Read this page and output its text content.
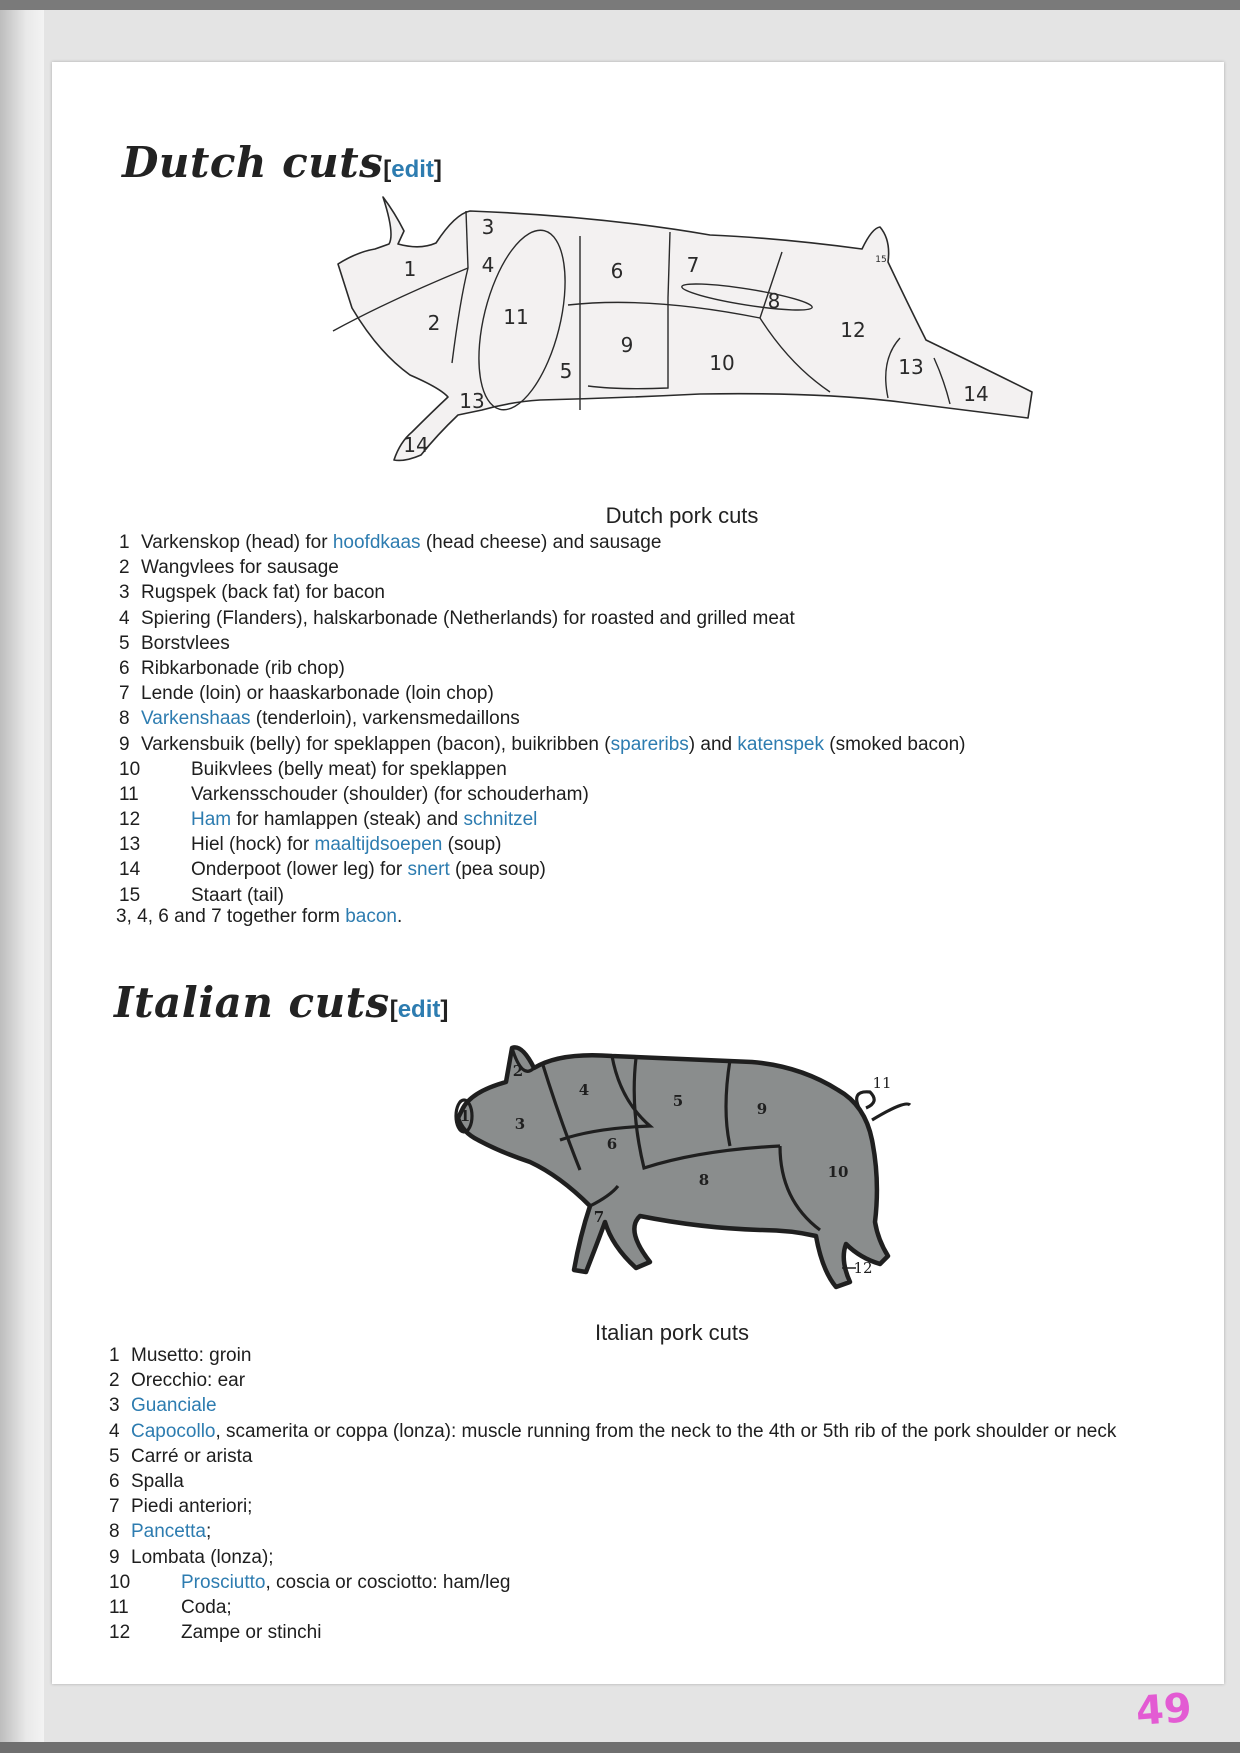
Dutch cuts[edit]
1
2
3
4
5
6	7
8
9
10
11
12
13
14
15
13
14
Dutch pork cuts
1 Varkenskop (head) for hoofdkaas (head cheese) and sausage
2 Wangvlees for sausage
3 Rugspek (back fat) for bacon
4 Spiering (Flanders), halskarbonade (Netherlands) for roasted and grilled meat
5 Borstvlees
6 Ribkarbonade (rib chop)
7 Lende (loin) or haaskarbonade (loin chop)
8 Varkenshaas (tenderloin), varkensmedaillons
9 Varkensbuik (belly) for speklappen (bacon), buikribben (spareribs) and katenspek (smoked bacon)
10	Buikvlees (belly meat) for speklappen
11	Varkensschouder (shoulder) (for schouderham)
12	Ham for hamlappen (steak) and schnitzel
13	Hiel (hock) for maaltijdsoepen (soup)
14	Onderpoot (lower leg) for snert (pea soup)
15	Staart (tail)
3, 4, 6 and 7 together form bacon.
Italian cuts[edit]
1
2
3
4
5
6
7
8
9
10
11
12
Italian pork cuts
1 Musetto: groin
2 Orecchio: ear
3 Guanciale
4 Capocollo, scamerita or coppa (lonza): muscle running from the neck to the 4th or 5th rib of the pork shoulder or neck
5 Carré or arista
6 Spalla
7 Piedi anteriori;
8 Pancetta;
9 Lombata (lonza);
10	Prosciutto, coscia or cosciotto: ham/leg
11	Coda;
12	Zampe or stinchi
49
